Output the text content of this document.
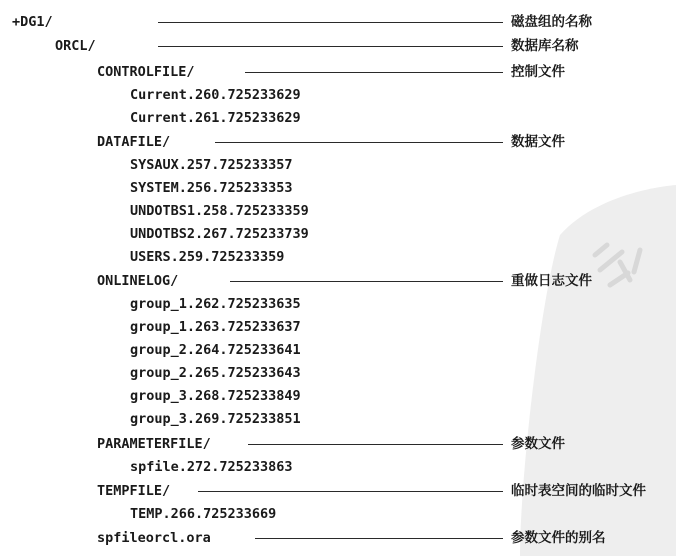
+DG1/
ORCL/
CONTROLFILE/
Current.260.725233629
Current.261.725233629
DATAFILE/
SYSAUX.257.725233357
SYSTEM.256.725233353
UNDOTBS1.258.725233359
UNDOTBS2.267.725233739
USERS.259.725233359
ONLINELOG/
group_1.262.725233635
group_1.263.725233637
group_2.264.725233641
group_2.265.725233643
group_3.268.725233849
group_3.269.725233851
PARAMETERFILE/
spfile.272.725233863
TEMPFILE/
TEMP.266.725233669
spfileorcl.ora
磁盘组的名称
数据库名称
控制文件
数据文件
重做日志文件
参数文件
临时表空间的临时文件
参数文件的别名
